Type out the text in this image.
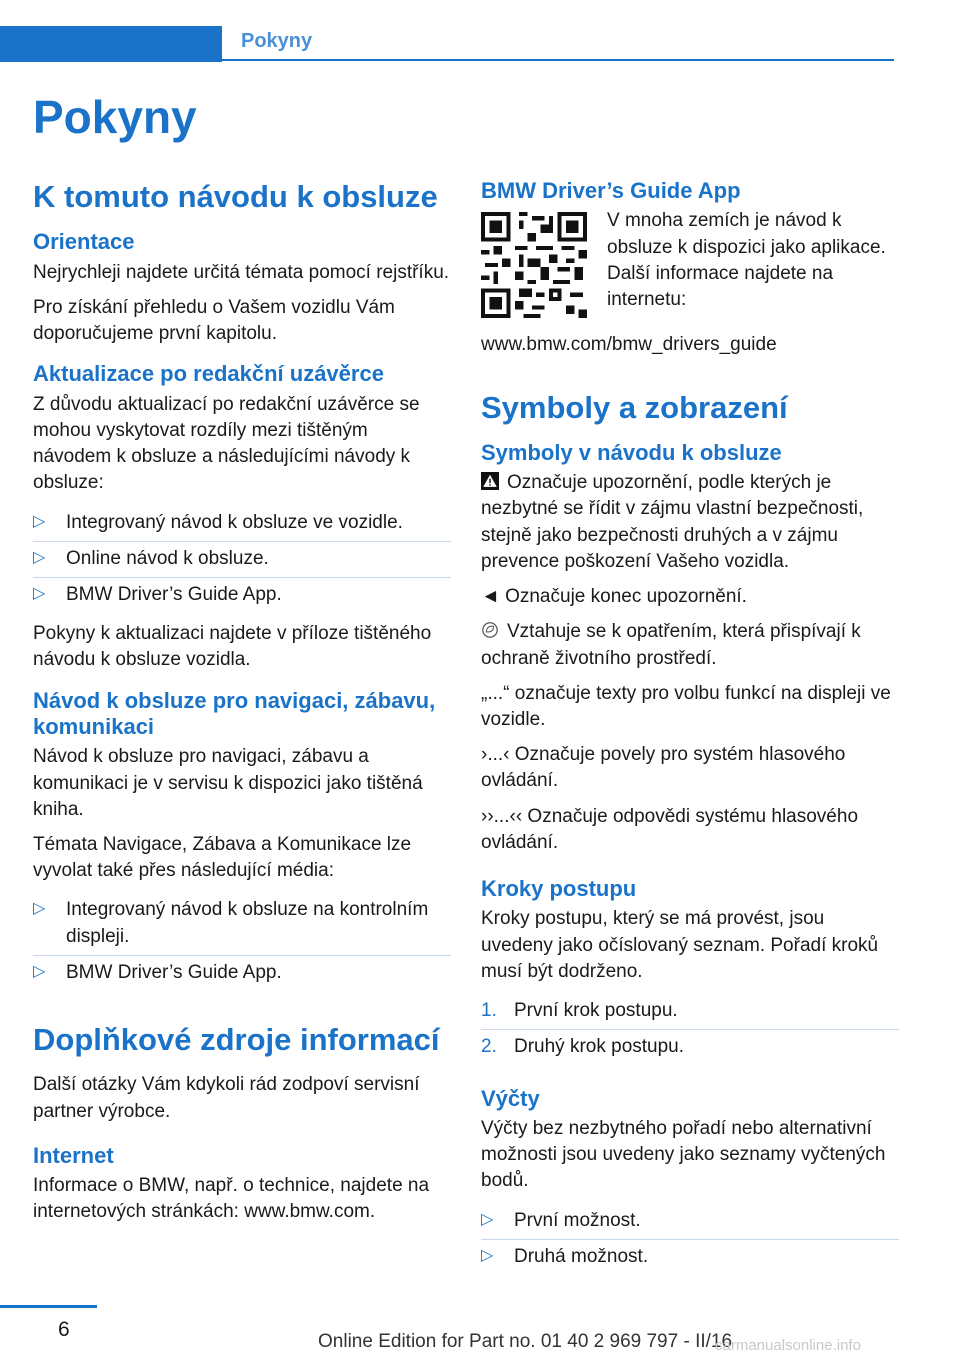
Pokyny
Pokyny
K tomuto návodu k obsluze
Orientace

Nejrychleji najdete určitá témata pomocí rejstříku.

Pro získání přehledu o Vašem vozidlu Vám doporučujeme první kapitolu.

Aktualizace po redakční uzávěrce

Z důvodu aktualizací po redakční uzávěrce se mohou vyskytovat rozdíly mezi tištěným návodem k obsluze a následujícími návody k obsluze:

▷ Integrovaný návod k obsluze ve vozidle.
▷ Online návod k obsluze.
▷ BMW Driver’s Guide App.

Pokyny k aktualizaci najdete v příloze tištěného návodu k obsluze vozidla.

Návod k obsluze pro navigaci, zábavu, komunikaci

Návod k obsluze pro navigaci, zábavu a komunikaci je v servisu k dispozici jako tištěná kniha.

Témata Navigace, Zábava a Komunikace lze vyvolat také přes následující média:

▷ Integrovaný návod k obsluze na kontrolním displeji.
▷ BMW Driver’s Guide App.
Doplňkové zdroje informací

Další otázky Vám kdykoli rád zodpoví servisní partner výrobce.

Internet

Informace o BMW, např. o technice, najdete na internetových stránkách: www.bmw.com.

BMW Driver’s Guide App

V mnoha zemích je návod k obsluze k dispozici jako aplikace. Další informace najdete na internetu:

www.bmw.com/bmw_drivers_guide

Symboly a zobrazení
Symboly v návodu k obsluze

Označuje upozornění, podle kterých je nezbytné se řídit v zájmu vlastní bezpečnosti, stejně jako bezpečnosti druhých a v zájmu prevence poškození Vašeho vozidla.

◄ Označuje konec upozornění.

Vztahuje se k opatřením, která přispívají k ochraně životního prostředí.

„...“ označuje texty pro volbu funkcí na displeji ve vozidle.

›...‹ Označuje povely pro systém hlasového ovládání.

››...‹‹ Označuje odpovědi systému hlasového ovládání.

Kroky postupu

Kroky postupu, který se má provést, jsou uvedeny jako očíslovaný seznam. Pořadí kroků musí být dodrženo.

1. První krok postupu.
2. Druhý krok postupu.
Výčty

Výčty bez nezbytného pořadí nebo alternativní možnosti jsou uvedeny jako seznamy vyčtených bodů.

▷ První možnost.
▷ Druhá možnost.
6
Online Edition for Part no. 01 40 2 969 797 - II/16
carmanualsonline.info
